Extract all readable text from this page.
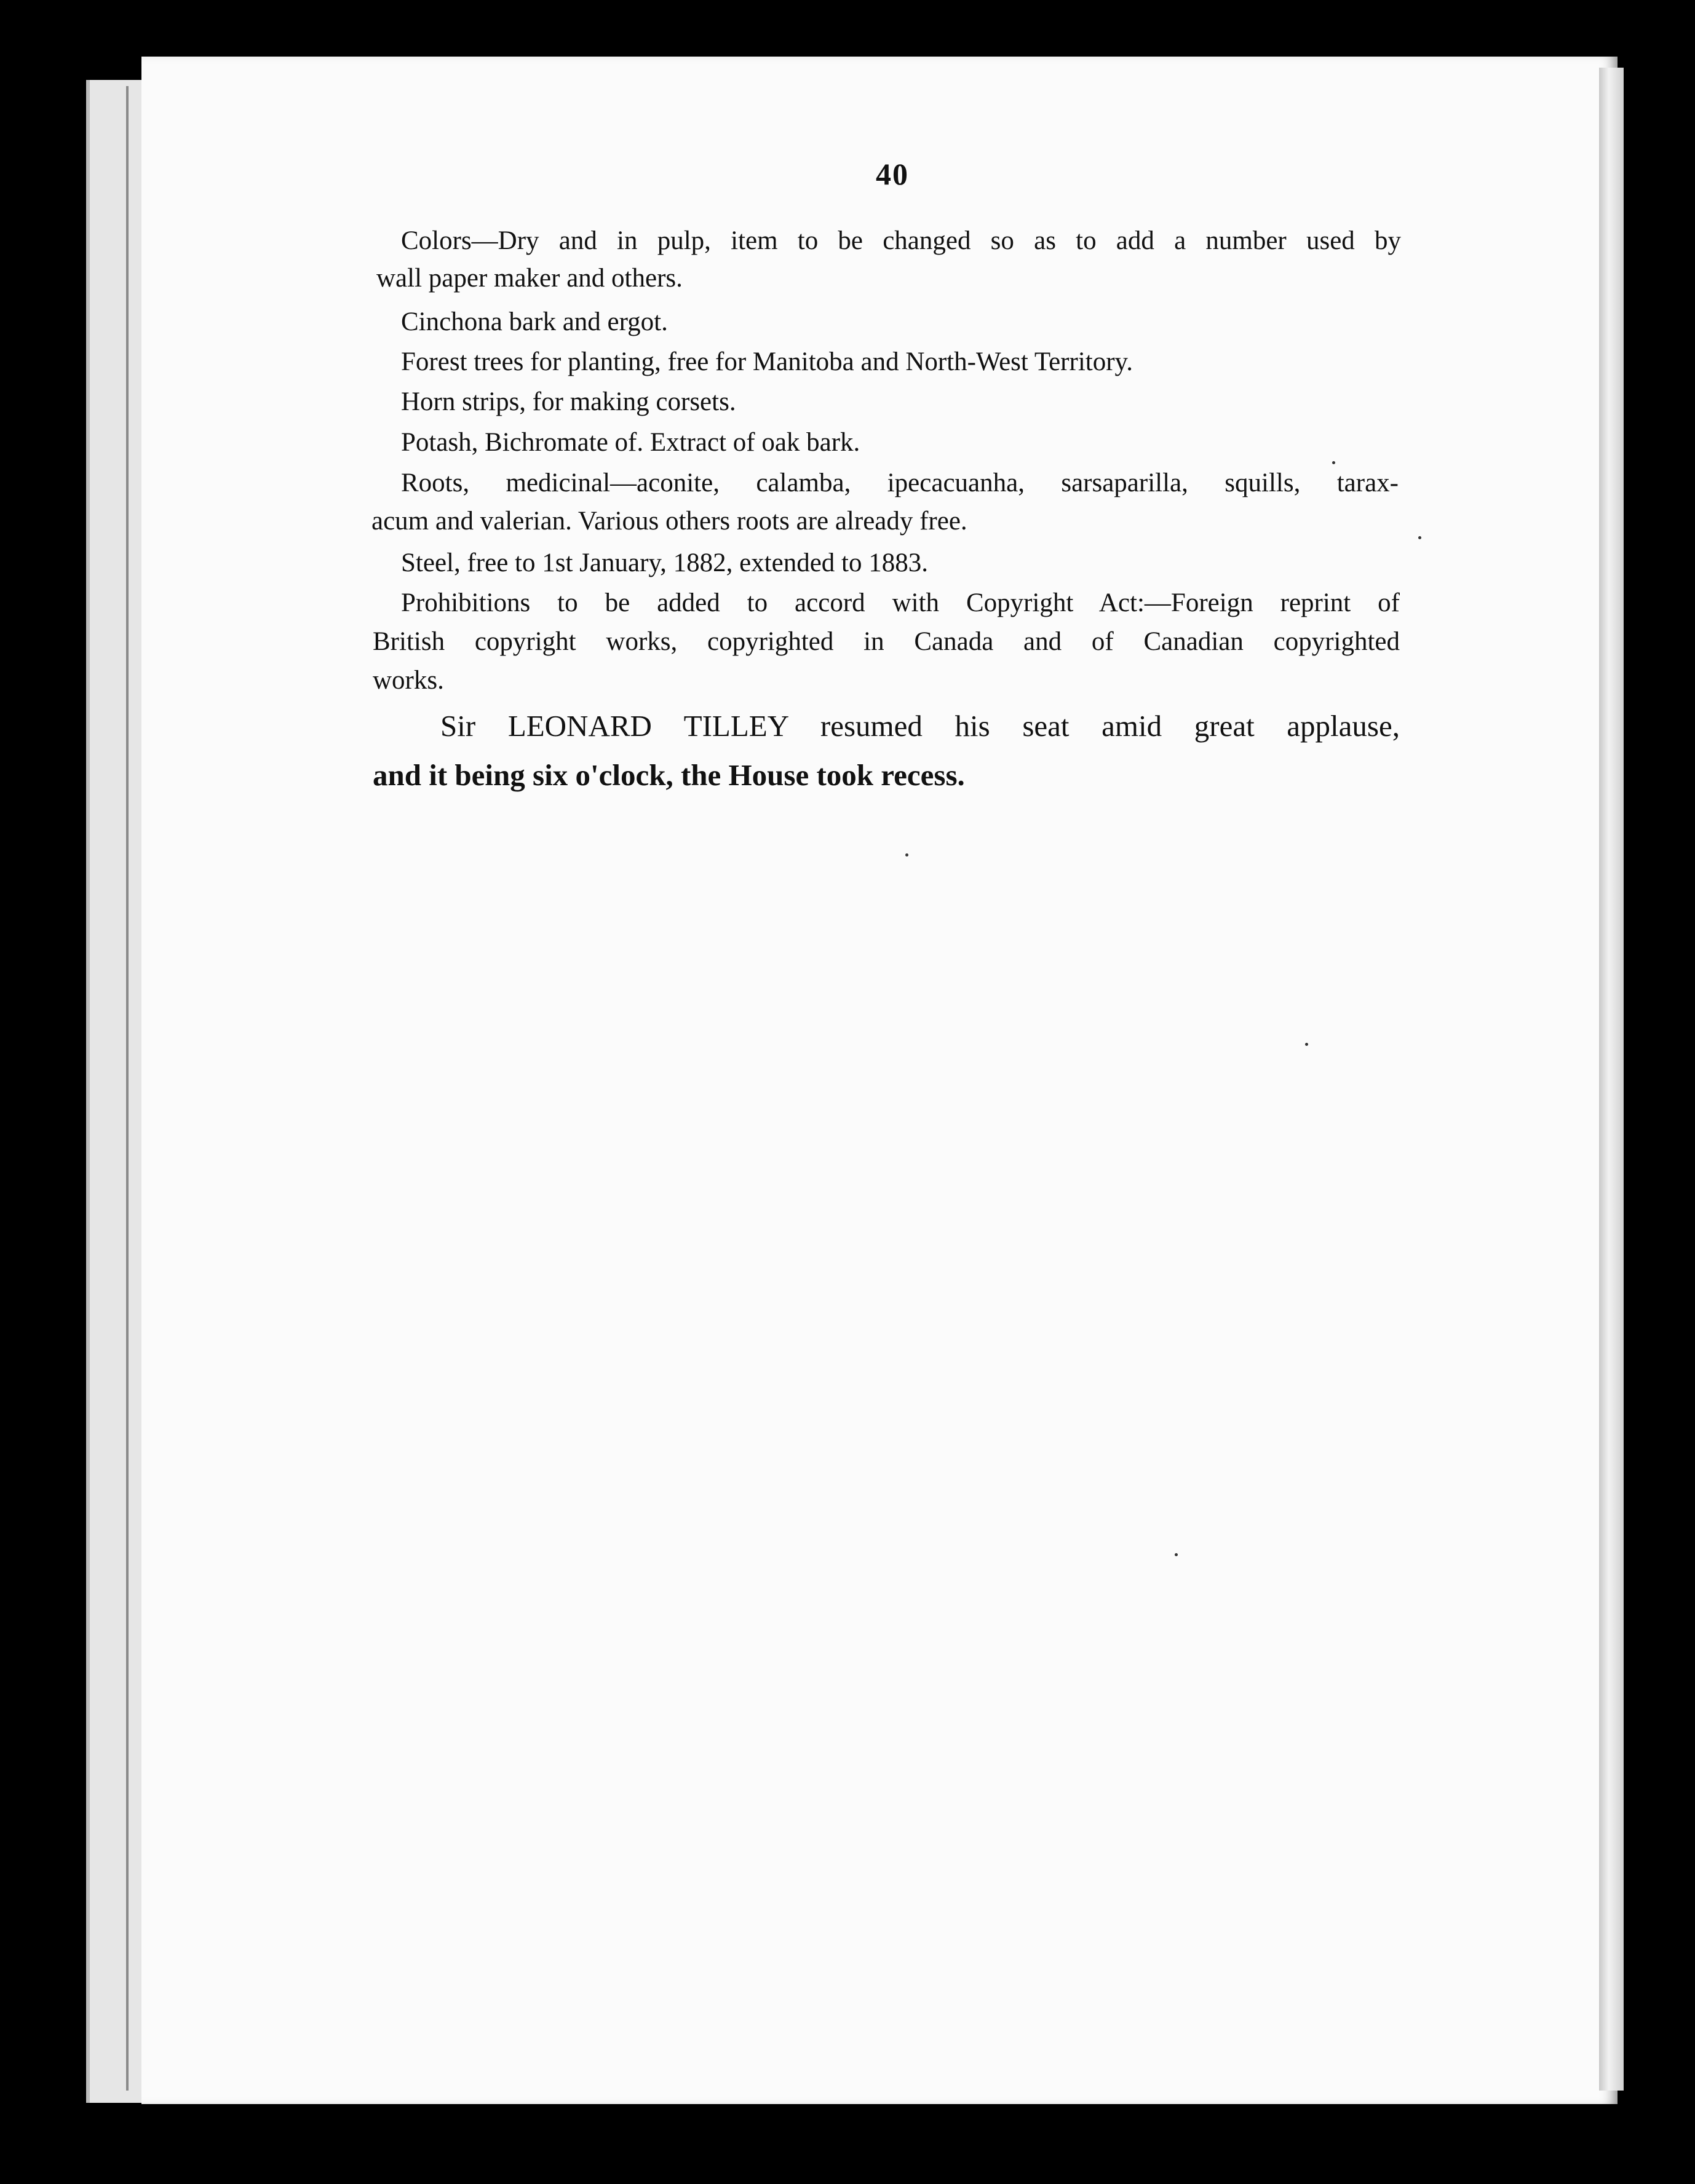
40
Colors—Dry and in pulp, item to be changed so as to add a number used by
wall paper maker and others.
Cinchona bark and ergot.
Forest trees for planting, free for Manitoba and North-West Territory.
Horn strips, for making corsets.
Potash, Bichromate of. Extract of oak bark.
Roots, medicinal—aconite, calamba, ipecacuanha, sarsaparilla, squills, tarax-
acum and valerian. Various others roots are already free.
Steel, free to 1st January, 1882, extended to 1883.
Prohibitions to be added to accord with Copyright Act:—Foreign reprint of
British copyright works, copyrighted in Canada and of Canadian copyrighted
works.
Sir LEONARD TILLEY resumed his seat amid great applause,
and it being six o'clock, the House took recess.
